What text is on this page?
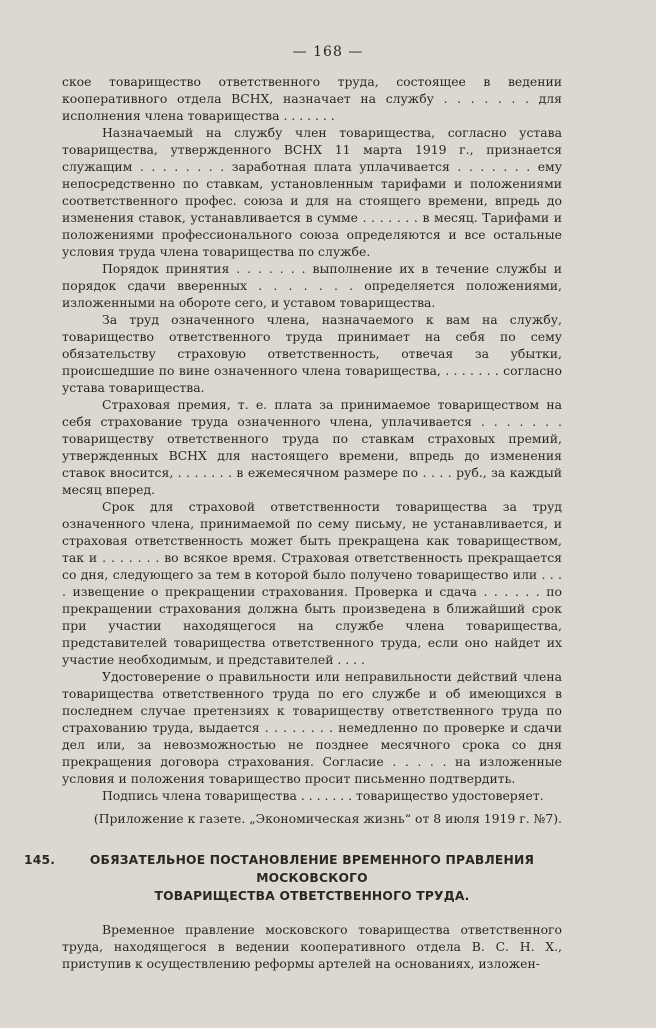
— 168 —

ское товарищество ответственного труда, состоящее в ведении кооперативного отдела ВСНХ, назначает на службу . . . . . . . для исполнения члена товарищества . . . . . . .

Назначаемый на службу член товарищества, согласно устава товарищества, утвержденного ВСНХ 11 марта 1919 г., признается служащим . . . . . . . . заработная плата уплачивается . . . . . . . ему непосредственно по ставкам, установленным тарифами и положениями соответственного профес. союза и для на стоящего времени, впредь до изменения ставок, устанавливается в сумме . . . . . . . в месяц. Тарифами и положениями профессионального союза определяются и все остальные условия труда члена товарищества по службе.

Порядок принятия . . . . . . . выполнение их в течение службы и порядок сдачи вверенных . . . . . . . определяется положениями, изложенными на обороте сего, и уставом товарищества.

За труд означенного члена, назначаемого к вам на службу, товарищество ответственного труда принимает на себя по сему обязательству страховую ответственность, отвечая за убытки, происшедшие по вине означенного члена товарищества, . . . . . . . согласно устава товарищества.

Страховая премия, т. е. плата за принимаемое товариществом на себя страхование труда означенного члена, уплачивается . . . . . . . товариществу ответственного труда по ставкам страховых премий, утвержденных ВСНХ для настоящего времени, впредь до изменения ставок вносится, . . . . . . . в ежемесячном размере по . . . . руб., за каждый месяц вперед.

Срок для страховой ответственности товарищества за труд означенного члена, принимаемой по сему письму, не устанавливается, и страховая ответственность может быть прекращена как товариществом, так и . . . . . . . во всякое время. Страховая ответственность прекращается со дня, следующего за тем в которой было получено товарищество или . . . . извещение о прекращении страхования. Проверка и сдача . . . . . . по прекращении страхования должна быть произведена в ближайший срок при участии находящегося на службе члена товарищества, представителей товарищества ответственного труда, если оно найдет их участие необходимым, и представителей . . . .

Удостоверение о правильности или неправильности действий члена товарищества ответственного труда по его службе и об имеющихся в последнем случае претензиях к товариществу ответственного труда по страхованию труда, выдается . . . . . . . . немедленно по проверке и сдачи дел или, за невозможностью не позднее месячного срока со дня прекращения договора страхования. Согласие . . . . . на изложенные условия и положения товарищество просит письменно подтвердить.

Подпись члена товарищества . . . . . . . товарищество удостоверяет.

(Приложение к газете. „Экономическая жизнь“ от 8 июля 1919 г. №7).

145.	ОБЯЗАТЕЛЬНОЕ ПОСТАНОВЛЕНИЕ ВРЕМЕННОГО ПРАВЛЕНИЯ МОСКОВСКОГО
ТОВАРИЩЕСТВА ОТВЕТСТВЕННОГО ТРУДА.

Временное правление московского товарищества ответственного труда, находящегося в ведении кооперативного отдела В. С. Н. Х., приступив к осуществлению реформы артелей на основаниях, изложен-
